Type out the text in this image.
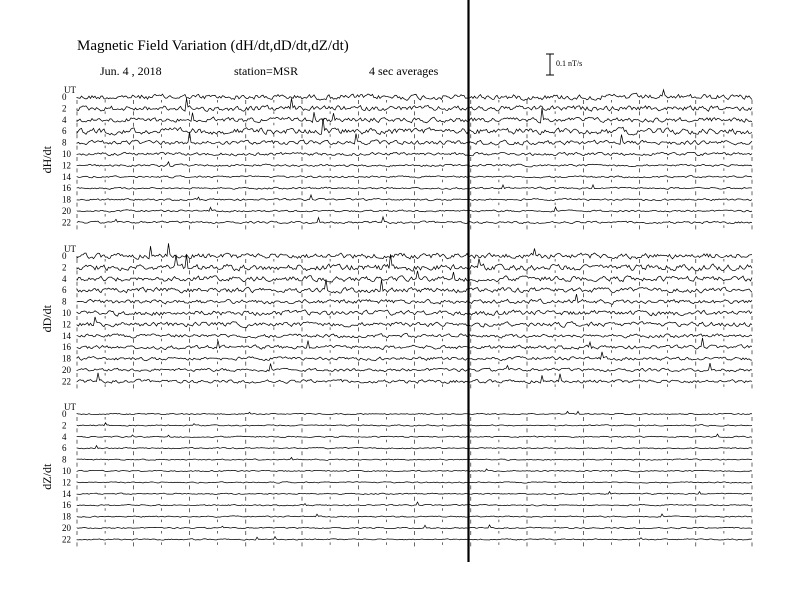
Magnetic Field Variation (dH/dt,dD/dt,dZ/dt)
Jun. 4 , 2018	station=MSR	4 sec averages
0.1 nT/s
UT
dH/dt
0
2
4
6
8
10
12
14
16
18
20
22
UT
dD/dt
0
2
4
6
8
10
12
14
16
18
20
22
UT
dZ/dt
0
2
4
6
8
10
12
14
16
18
20
22
